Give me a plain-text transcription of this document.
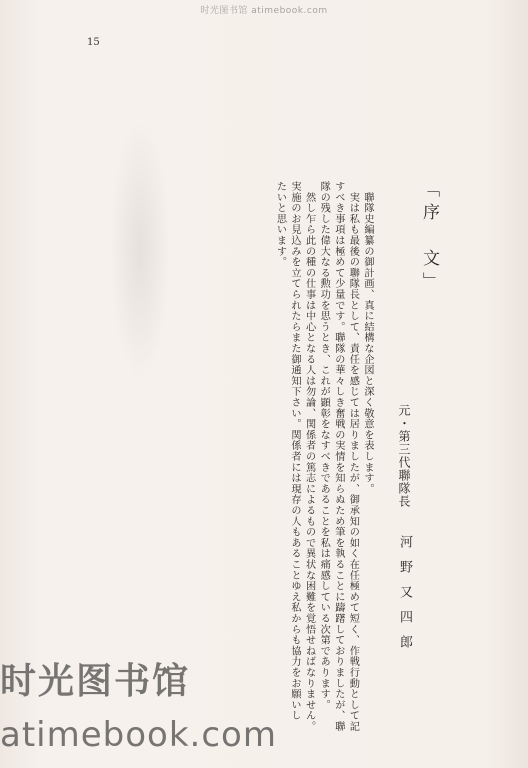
时光图书馆 atimebook.com
15
「序　文」
元・第三代聯隊長
河野又四郎
　聯隊史編纂の御計画、真に結構な企図と深く敬意を表します。
　実は私も最後の聯隊長として、責任を感じては居りましたが、御承知の如く在任極めて短く、作戦行動として記
すべき事項は極めて少量です。聯隊の華々しき奮戦の実情を知らぬため筆を執ることに躊躇しておりましたが、聯
隊の残した偉大なる勲功を思うとき、これが顕彰をなすべきであることを私は痛感している次第であります。
　然し乍ら此の種の仕事は中心となる人は勿論、関係者の篤志によるもので異状な困難を覚悟せねばなりません。
実施のお見込みを立てられたらまた御通知下さい。関係者には現存の人もあることゆえ私からも協力をお願いし
たいと思います。
时光图书馆
atimebook.com
